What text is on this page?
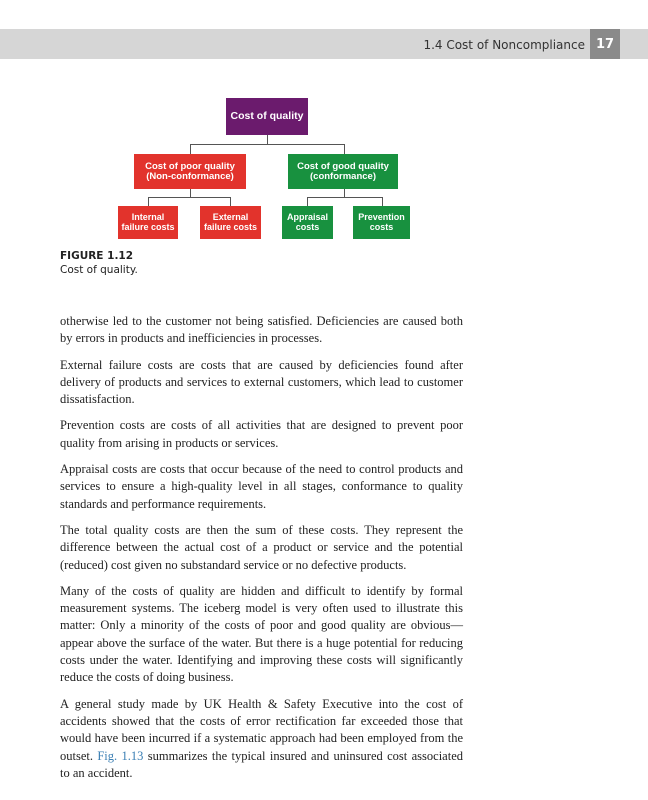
1.4 Cost of Noncompliance 17
Cost of quality
Cost of poor quality
(Non-conformance)
Cost of good quality
(conformance)
Internal
failure costs
External
failure costs
Appraisal
costs
Prevention
costs
FIGURE 1.12
Cost of quality.

otherwise led to the customer not being satisfied. Deficiencies are caused both by errors in products and inefficiencies in processes.

External failure costs are costs that are caused by deficiencies found after delivery of products and services to external customers, which lead to customer dissatisfaction.

Prevention costs are costs of all activities that are designed to prevent poor quality from arising in products or services.

Appraisal costs are costs that occur because of the need to control products and services to ensure a high-quality level in all stages, conformance to quality standards and performance requirements.

The total quality costs are then the sum of these costs. They represent the difference between the actual cost of a product or service and the potential (reduced) cost given no substandard service or no defective products.

Many of the costs of quality are hidden and difficult to identify by formal measurement systems. The iceberg model is very often used to illustrate this matter: Only a minority of the costs of poor and good quality are obvious—appear above the surface of the water. But there is a huge potential for reducing costs under the water. Identifying and improving these costs will significantly reduce the costs of doing business.

A general study made by UK Health & Safety Executive into the cost of accidents showed that the costs of error rectification far exceeded those that would have been incurred if a systematic approach had been employed from the outset. Fig. 1.13 summarizes the typical insured and uninsured cost associated to an accident.
